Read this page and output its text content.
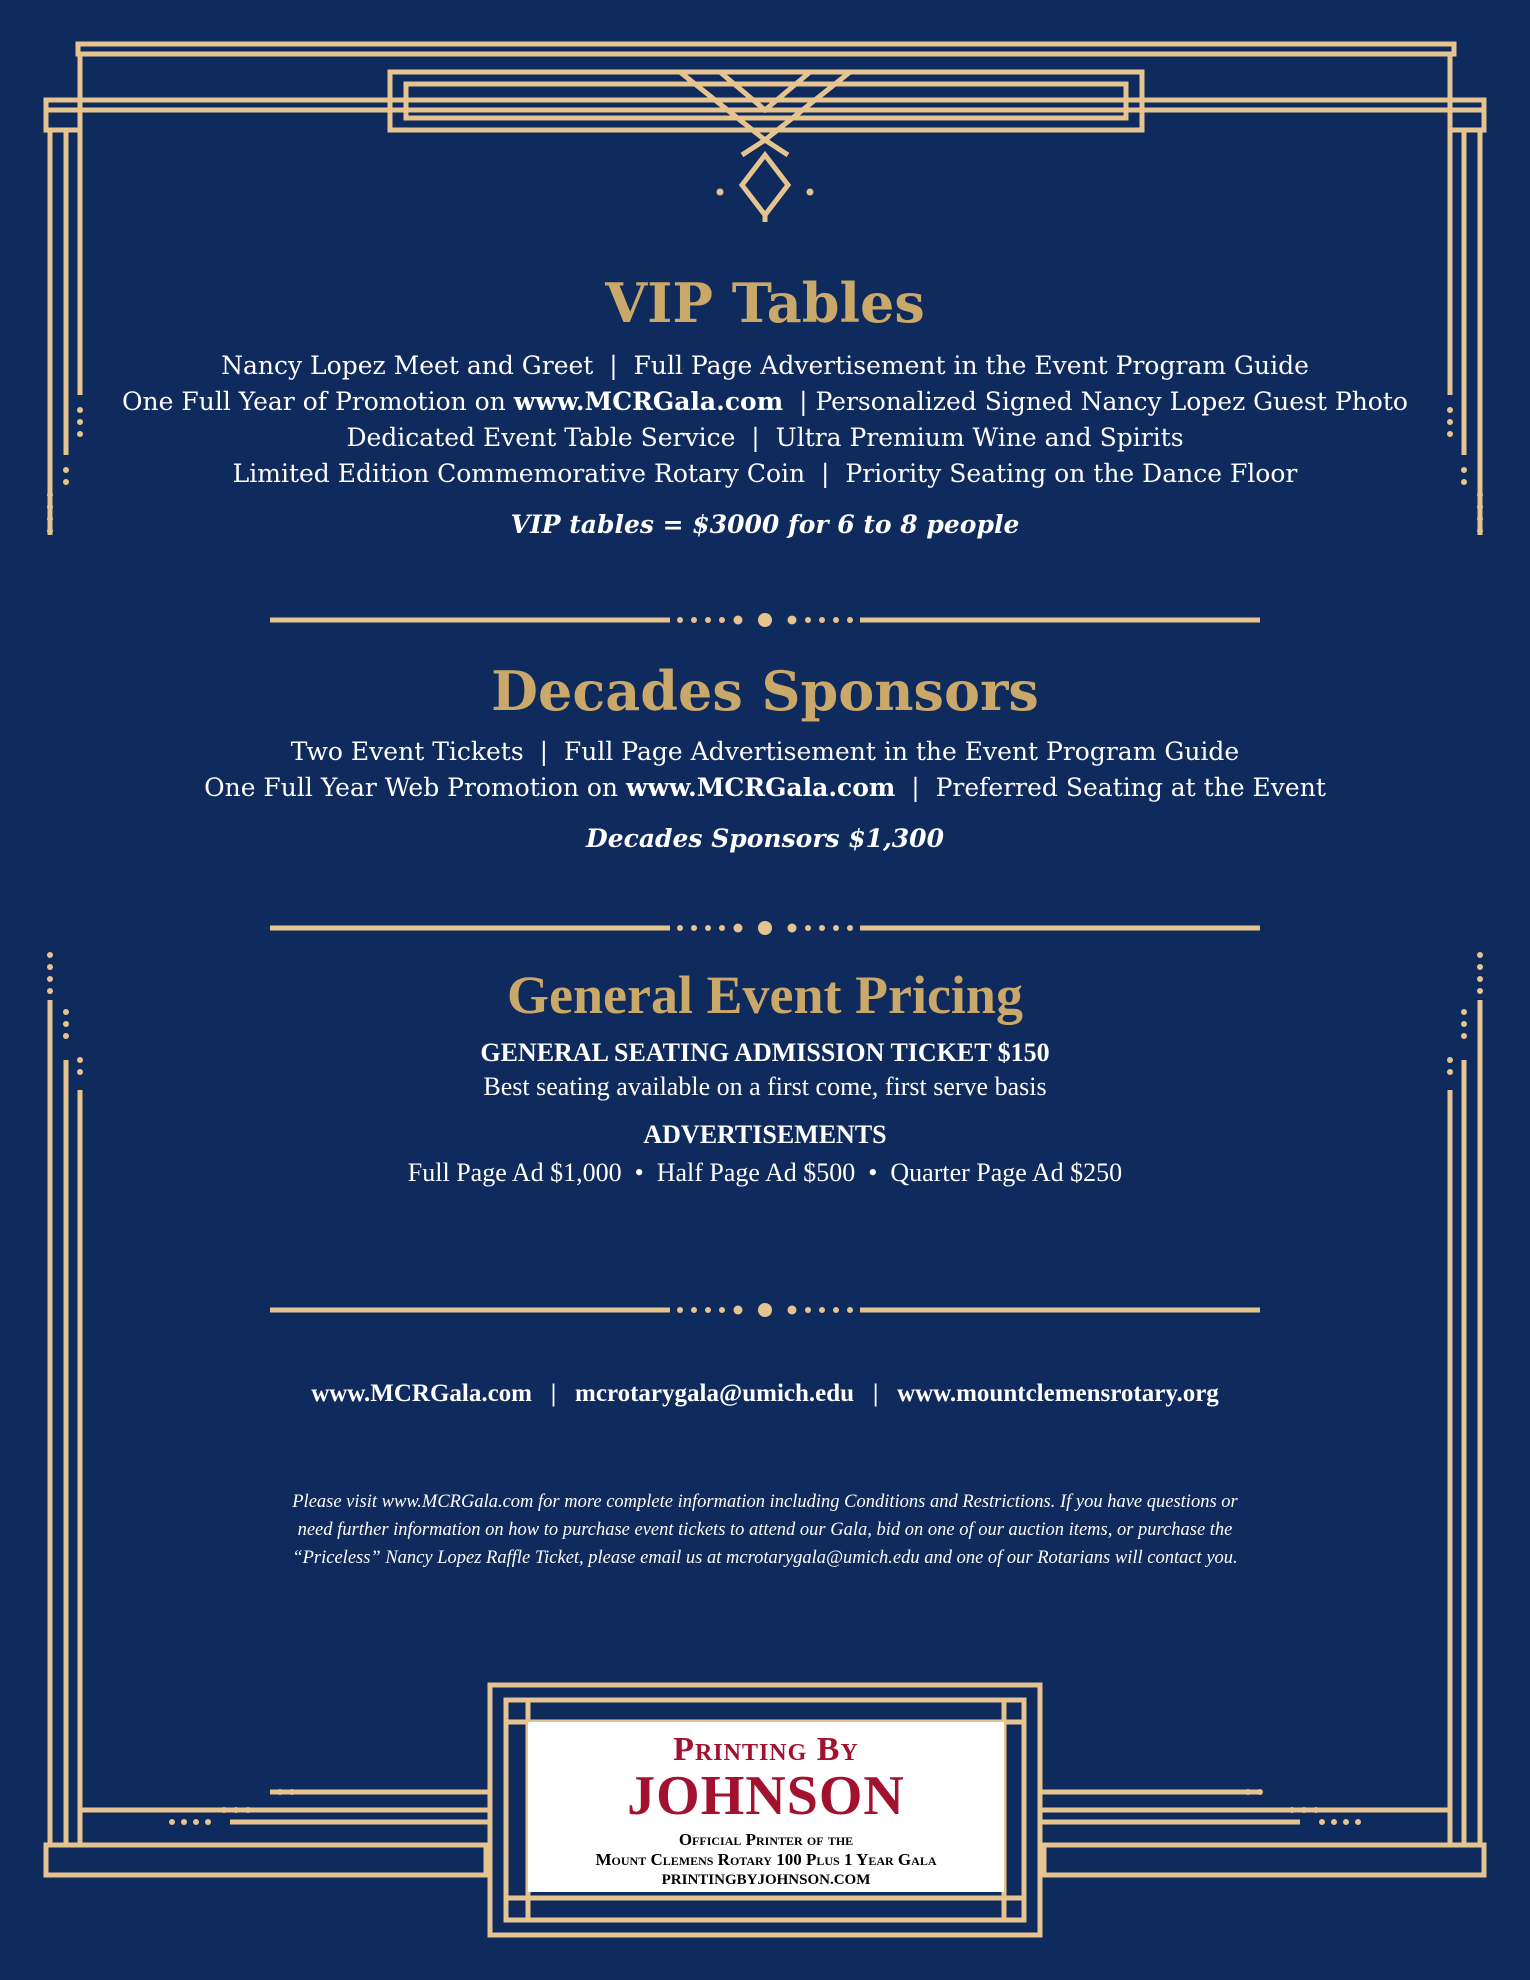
VIP Tables
Nancy Lopez Meet and Greet  |  Full Page Advertisement in the Event Program Guide
One Full Year of Promotion on www.MCRGala.com  | Personalized Signed Nancy Lopez Guest Photo
Dedicated Event Table Service  |  Ultra Premium Wine and Spirits
Limited Edition Commemorative Rotary Coin  |  Priority Seating on the Dance Floor
VIP tables = $3000 for 6 to 8 people
Decades Sponsors
Two Event Tickets  |  Full Page Advertisement in the Event Program Guide
One Full Year Web Promotion on www.MCRGala.com  |  Preferred Seating at the Event
Decades Sponsors $1,300
General Event Pricing
GENERAL SEATING ADMISSION TICKET $150
Best seating available on a first come, first serve basis
ADVERTISEMENTS
Full Page Ad $1,000  •  Half Page Ad $500  •  Quarter Page Ad $250
www.MCRGala.com   |   mcrotarygala@umich.edu   |   www.mountclemensrotary.org
Please visit www.MCRGala.com for more complete information including Conditions and Restrictions. If you have questions or
need further information on how to purchase event tickets to attend our Gala, bid on one of our auction items, or purchase the
“Priceless” Nancy Lopez Raffle Ticket, please email us at mcrotarygala@umich.edu and one of our Rotarians will contact you.
Printing By
JOHNSON
Official Printer of the
Mount Clemens Rotary 100 Plus 1 Year Gala
PRINTINGBYJOHNSON.COM
